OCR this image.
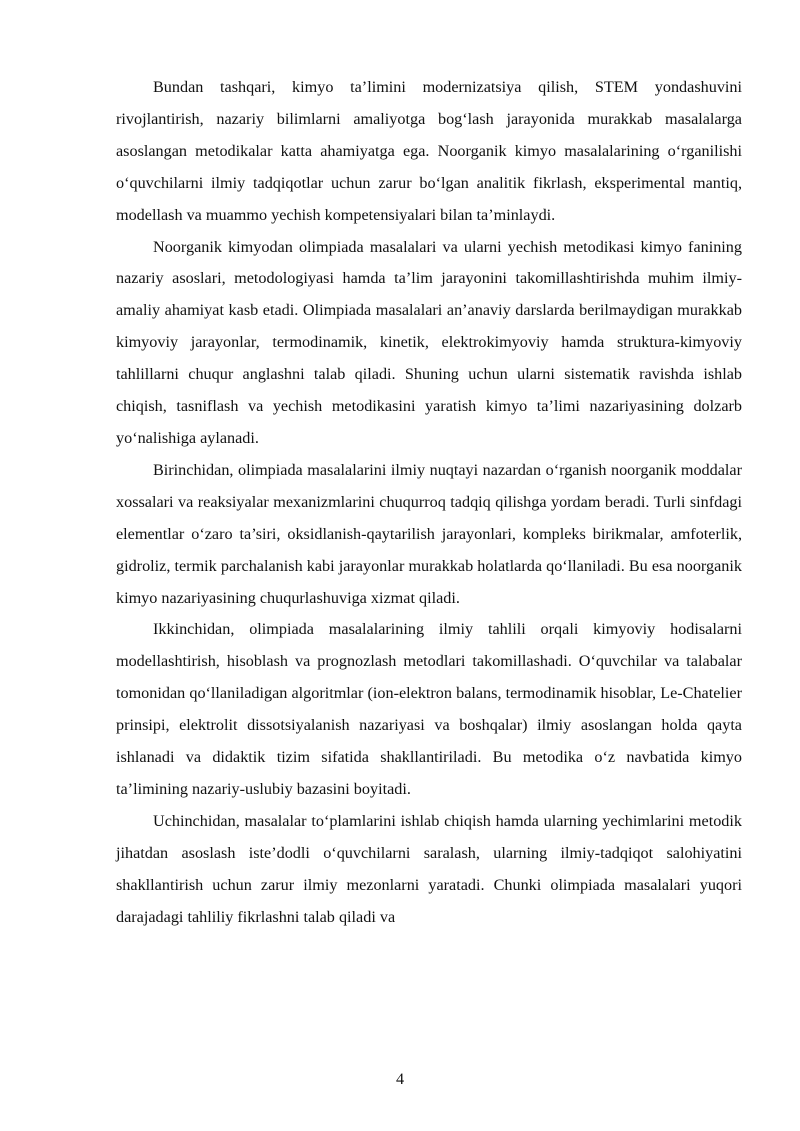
Bundan tashqari, kimyo ta’limini modernizatsiya qilish, STEM yondashuvini rivojlantirish, nazariy bilimlarni amaliyotga bog‘lash jarayonida murakkab masalalarga asoslangan metodikalar katta ahamiyatga ega. Noorganik kimyo masalalarining o‘rganilishi o‘quvchilarni ilmiy tadqiqotlar uchun zarur bo‘lgan analitik fikrlash, eksperimental mantiq, modellash va muammo yechish kompetensiyalari bilan ta’minlaydi.

Noorganik kimyodan olimpiada masalalari va ularni yechish metodikasi kimyo fanining nazariy asoslari, metodologiyasi hamda ta’lim jarayonini takomillashtirishda muhim ilmiy- amaliy ahamiyat kasb etadi. Olimpiada masalalari an’anaviy darslarda berilmaydigan murakkab kimyoviy jarayonlar, termodinamik, kinetik, elektrokimyoviy hamda struktura-kimyoviy tahlillarni chuqur anglashni talab qiladi. Shuning uchun ularni sistematik ravishda ishlab chiqish, tasniflash va yechish metodikasini yaratish kimyo ta’limi nazariyasining dolzarb yo‘nalishiga aylanadi.

Birinchidan, olimpiada masalalarini ilmiy nuqtayi nazardan o‘rganish noorganik moddalar xossalari va reaksiyalar mexanizmlarini chuqurroq tadqiq qilishga yordam beradi. Turli sinfdagi elementlar o‘zaro ta’siri, oksidlanish-qaytarilish jarayonlari, kompleks birikmalar, amfoterlik, gidroliz, termik parchalanish kabi jarayonlar murakkab holatlarda qo‘llaniladi. Bu esa noorganik kimyo nazariyasining chuqurlashuviga xizmat qiladi.

Ikkinchidan, olimpiada masalalarining ilmiy tahlili orqali kimyoviy hodisalarni modellashtirish, hisoblash va prognozlash metodlari takomillashadi. O‘quvchilar va talabalar tomonidan qo‘llaniladigan algoritmlar (ion-elektron balans, termodinamik hisoblar, Le-Chatelier prinsipi, elektrolit dissotsiyalanish nazariyasi va boshqalar) ilmiy asoslangan holda qayta ishlanadi va didaktik tizim sifatida shakllantiriladi. Bu metodika o‘z navbatida kimyo ta’limining nazariy-uslubiy bazasini boyitadi.

Uchinchidan, masalalar to‘plamlarini ishlab chiqish hamda ularning yechimlarini metodik jihatdan asoslash iste’dodli o‘quvchilarni saralash, ularning ilmiy-tadqiqot salohiyatini shakllantirish uchun zarur ilmiy mezonlarni yaratadi. Chunki olimpiada masalalari yuqori darajadagi tahliliy fikrlashni talab qiladi va

4
